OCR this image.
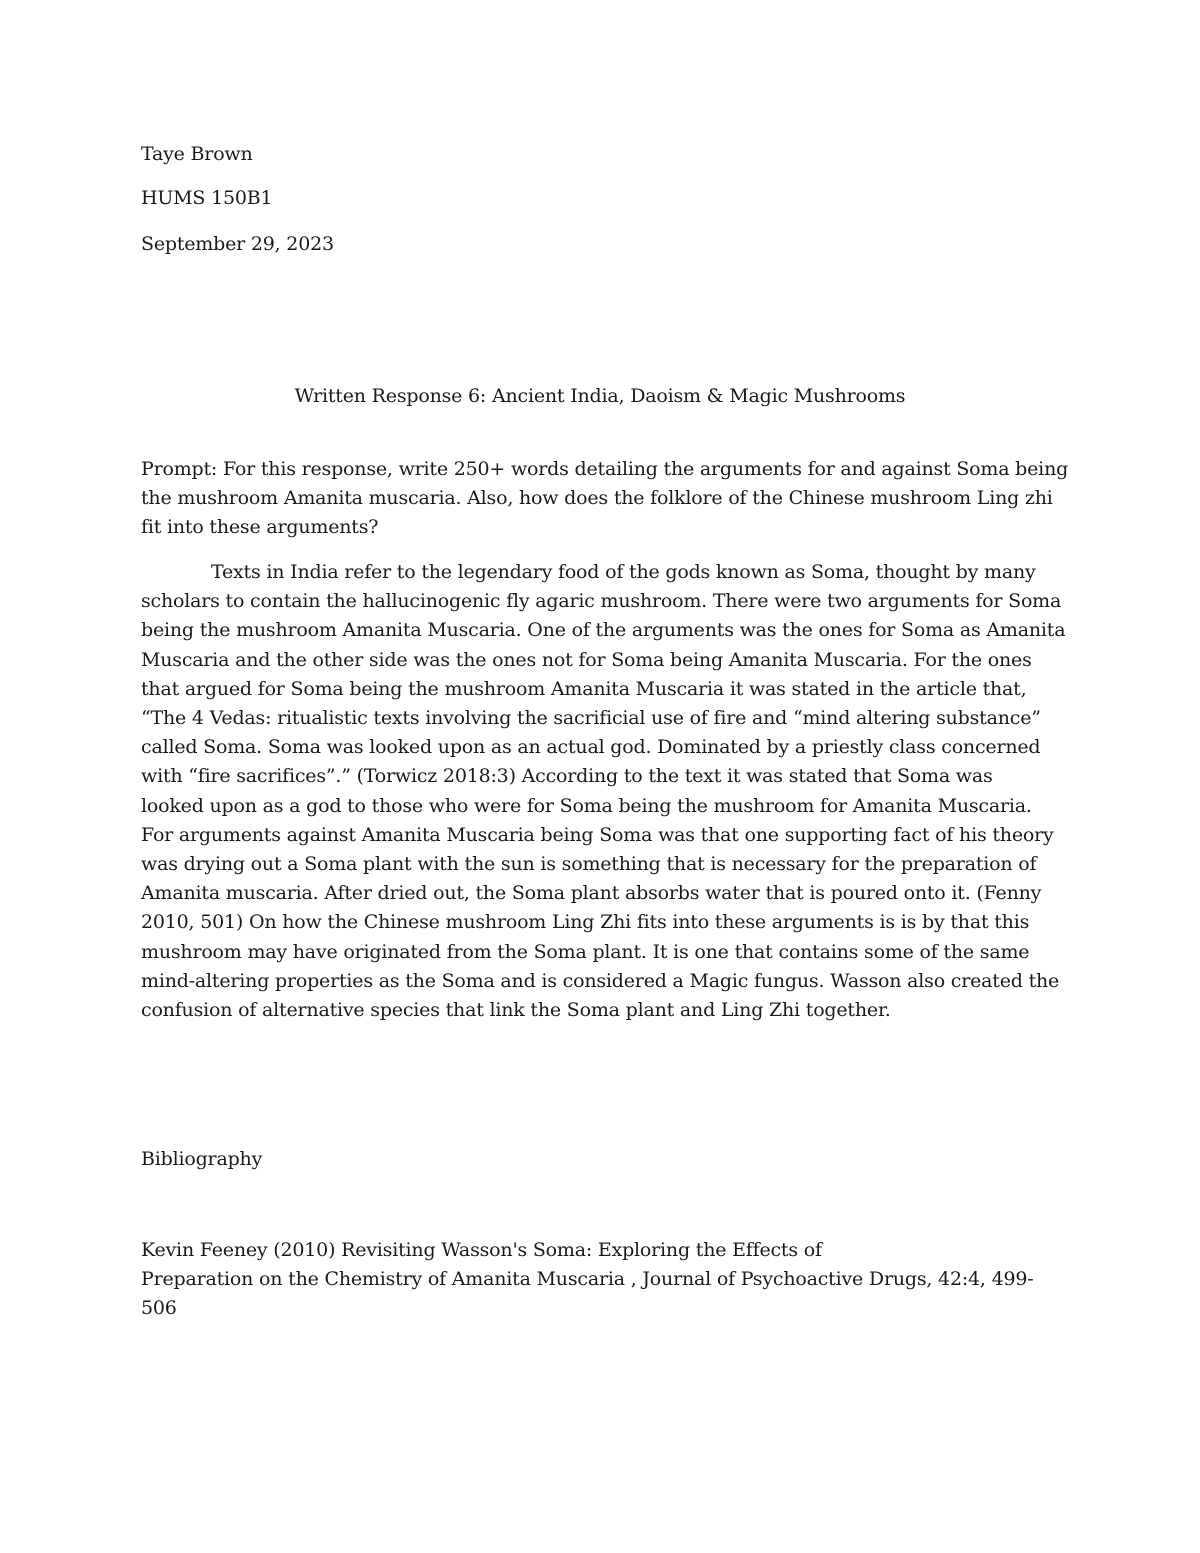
Taye Brown

HUMS 150B1

September 29, 2023

Written Response 6: Ancient India, Daoism & Magic Mushrooms

Prompt: For this response, write 250+ words detailing the arguments for and against Soma being
the mushroom Amanita muscaria. Also, how does the folklore of the Chinese mushroom Ling zhi
fit into these arguments?
Texts in India refer to the legendary food of the gods known as Soma, thought by many
scholars to contain the hallucinogenic fly agaric mushroom. There were two arguments for Soma
being the mushroom Amanita Muscaria. One of the arguments was the ones for Soma as Amanita
Muscaria and the other side was the ones not for Soma being Amanita Muscaria. For the ones
that argued for Soma being the mushroom Amanita Muscaria it was stated in the article that,
“The 4 Vedas: ritualistic texts involving the sacrificial use of fire and “mind altering substance”
called Soma. Soma was looked upon as an actual god. Dominated by a priestly class concerned
with “fire sacrifices”.” (Torwicz 2018:3) According to the text it was stated that Soma was
looked upon as a god to those who were for Soma being the mushroom for Amanita Muscaria.
For arguments against Amanita Muscaria being Soma was that one supporting fact of his theory
was drying out a Soma plant with the sun is something that is necessary for the preparation of
Amanita muscaria. After dried out, the Soma plant absorbs water that is poured onto it. (Fenny
2010, 501) On how the Chinese mushroom Ling Zhi fits into these arguments is is by that this
mushroom may have originated from the Soma plant. It is one that contains some of the same
mind-altering properties as the Soma and is considered a Magic fungus. Wasson also created the
confusion of alternative species that link the Soma plant and Ling Zhi together.

Bibliography

Kevin Feeney (2010) Revisiting Wasson's Soma: Exploring the Effects of
Preparation on the Chemistry of Amanita Muscaria , Journal of Psychoactive Drugs, 42:4, 499-
506
